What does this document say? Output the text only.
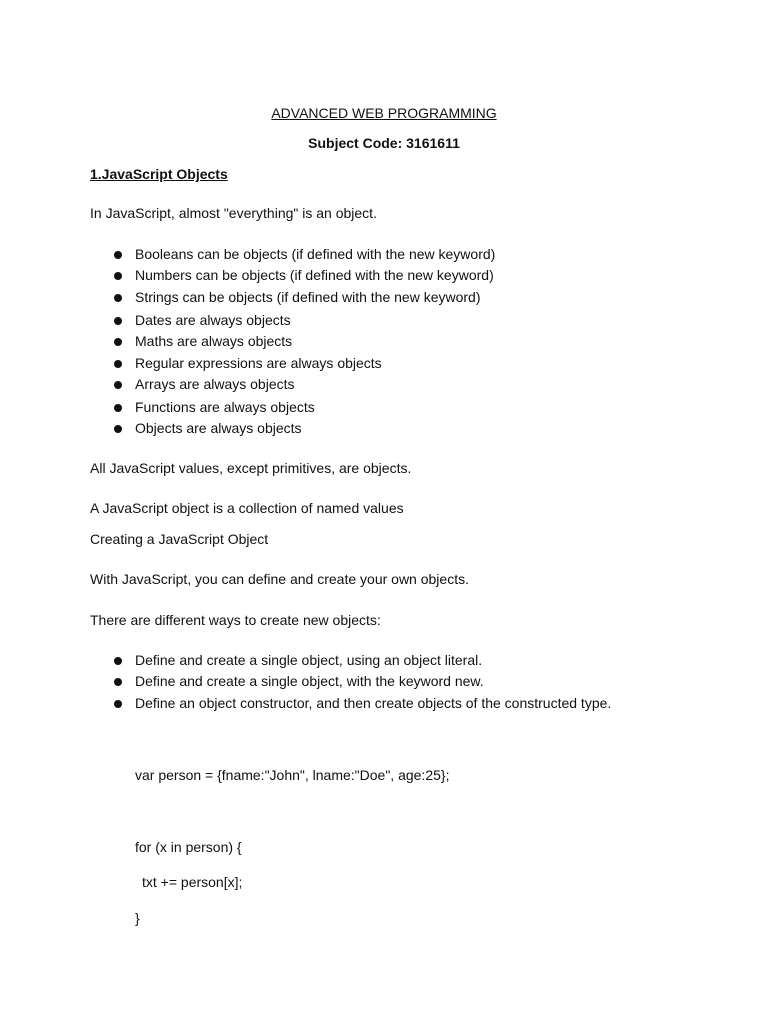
ADVANCED WEB PROGRAMMING
Subject Code: 3161611
1.JavaScript Objects
In JavaScript, almost "everything" is an object.
Booleans can be objects (if defined with the new keyword)
Numbers can be objects (if defined with the new keyword)
Strings can be objects (if defined with the new keyword)
Dates are always objects
Maths are always objects
Regular expressions are always objects
Arrays are always objects
Functions are always objects
Objects are always objects
All JavaScript values, except primitives, are objects.
A JavaScript object is a collection of named values
Creating a JavaScript Object
With JavaScript, you can define and create your own objects.
There are different ways to create new objects:
Define and create a single object, using an object literal.
Define and create a single object, with the keyword new.
Define an object constructor, and then create objects of the constructed type.
var person = {fname:"John", lname:"Doe", age:25};
for (x in person) {
txt += person[x];
}
